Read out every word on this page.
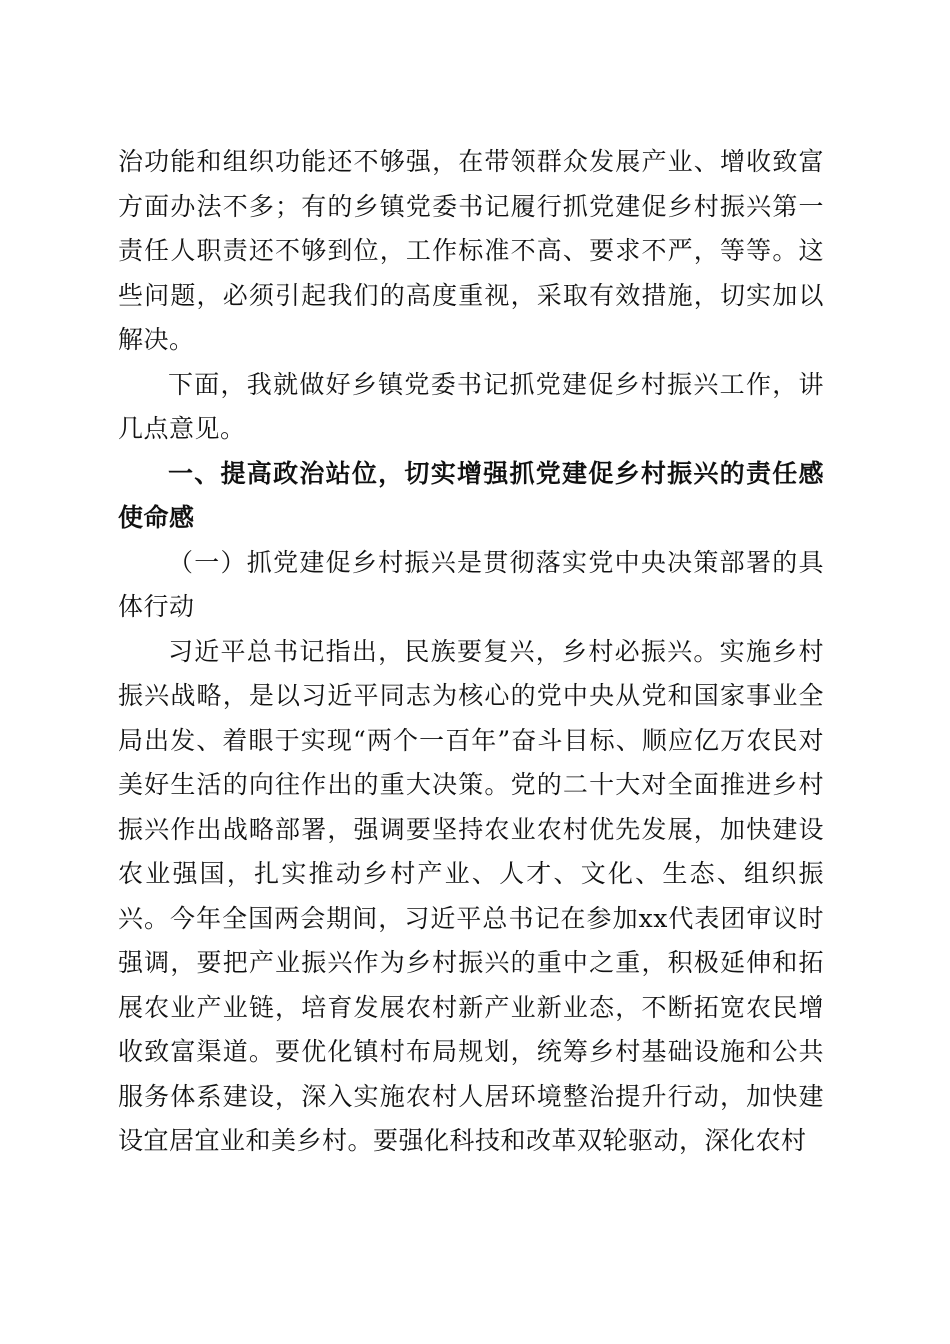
治功能和组织功能还不够强，在带领群众发展产业、增收致富方面办法不多；有的乡镇党委书记履行抓党建促乡村振兴第一责任人职责还不够到位，工作标准不高、要求不严，等等。这些问题，必须引起我们的高度重视，采取有效措施，切实加以解决。

下面，我就做好乡镇党委书记抓党建促乡村振兴工作，讲几点意见。

一、提高政治站位，切实增强抓党建促乡村振兴的责任感使命感

（一）抓党建促乡村振兴是贯彻落实党中央决策部署的具体行动

习近平总书记指出，民族要复兴，乡村必振兴。实施乡村振兴战略，是以习近平同志为核心的党中央从党和国家事业全局出发、着眼于实现“两个一百年”奋斗目标、顺应亿万农民对美好生活的向往作出的重大决策。党的二十大对全面推进乡村振兴作出战略部署，强调要坚持农业农村优先发展，加快建设农业强国，扎实推动乡村产业、人才、文化、生态、组织振兴。今年全国两会期间，习近平总书记在参加xx代表团审议时强调，要把产业振兴作为乡村振兴的重中之重，积极延伸和拓展农业产业链，培育发展农村新产业新业态，不断拓宽农民增收致富渠道。要优化镇村布局规划，统筹乡村基础设施和公共服务体系建设，深入实施农村人居环境整治提升行动，加快建设宜居宜业和美乡村。要强化科技和改革双轮驱动，深化农村
